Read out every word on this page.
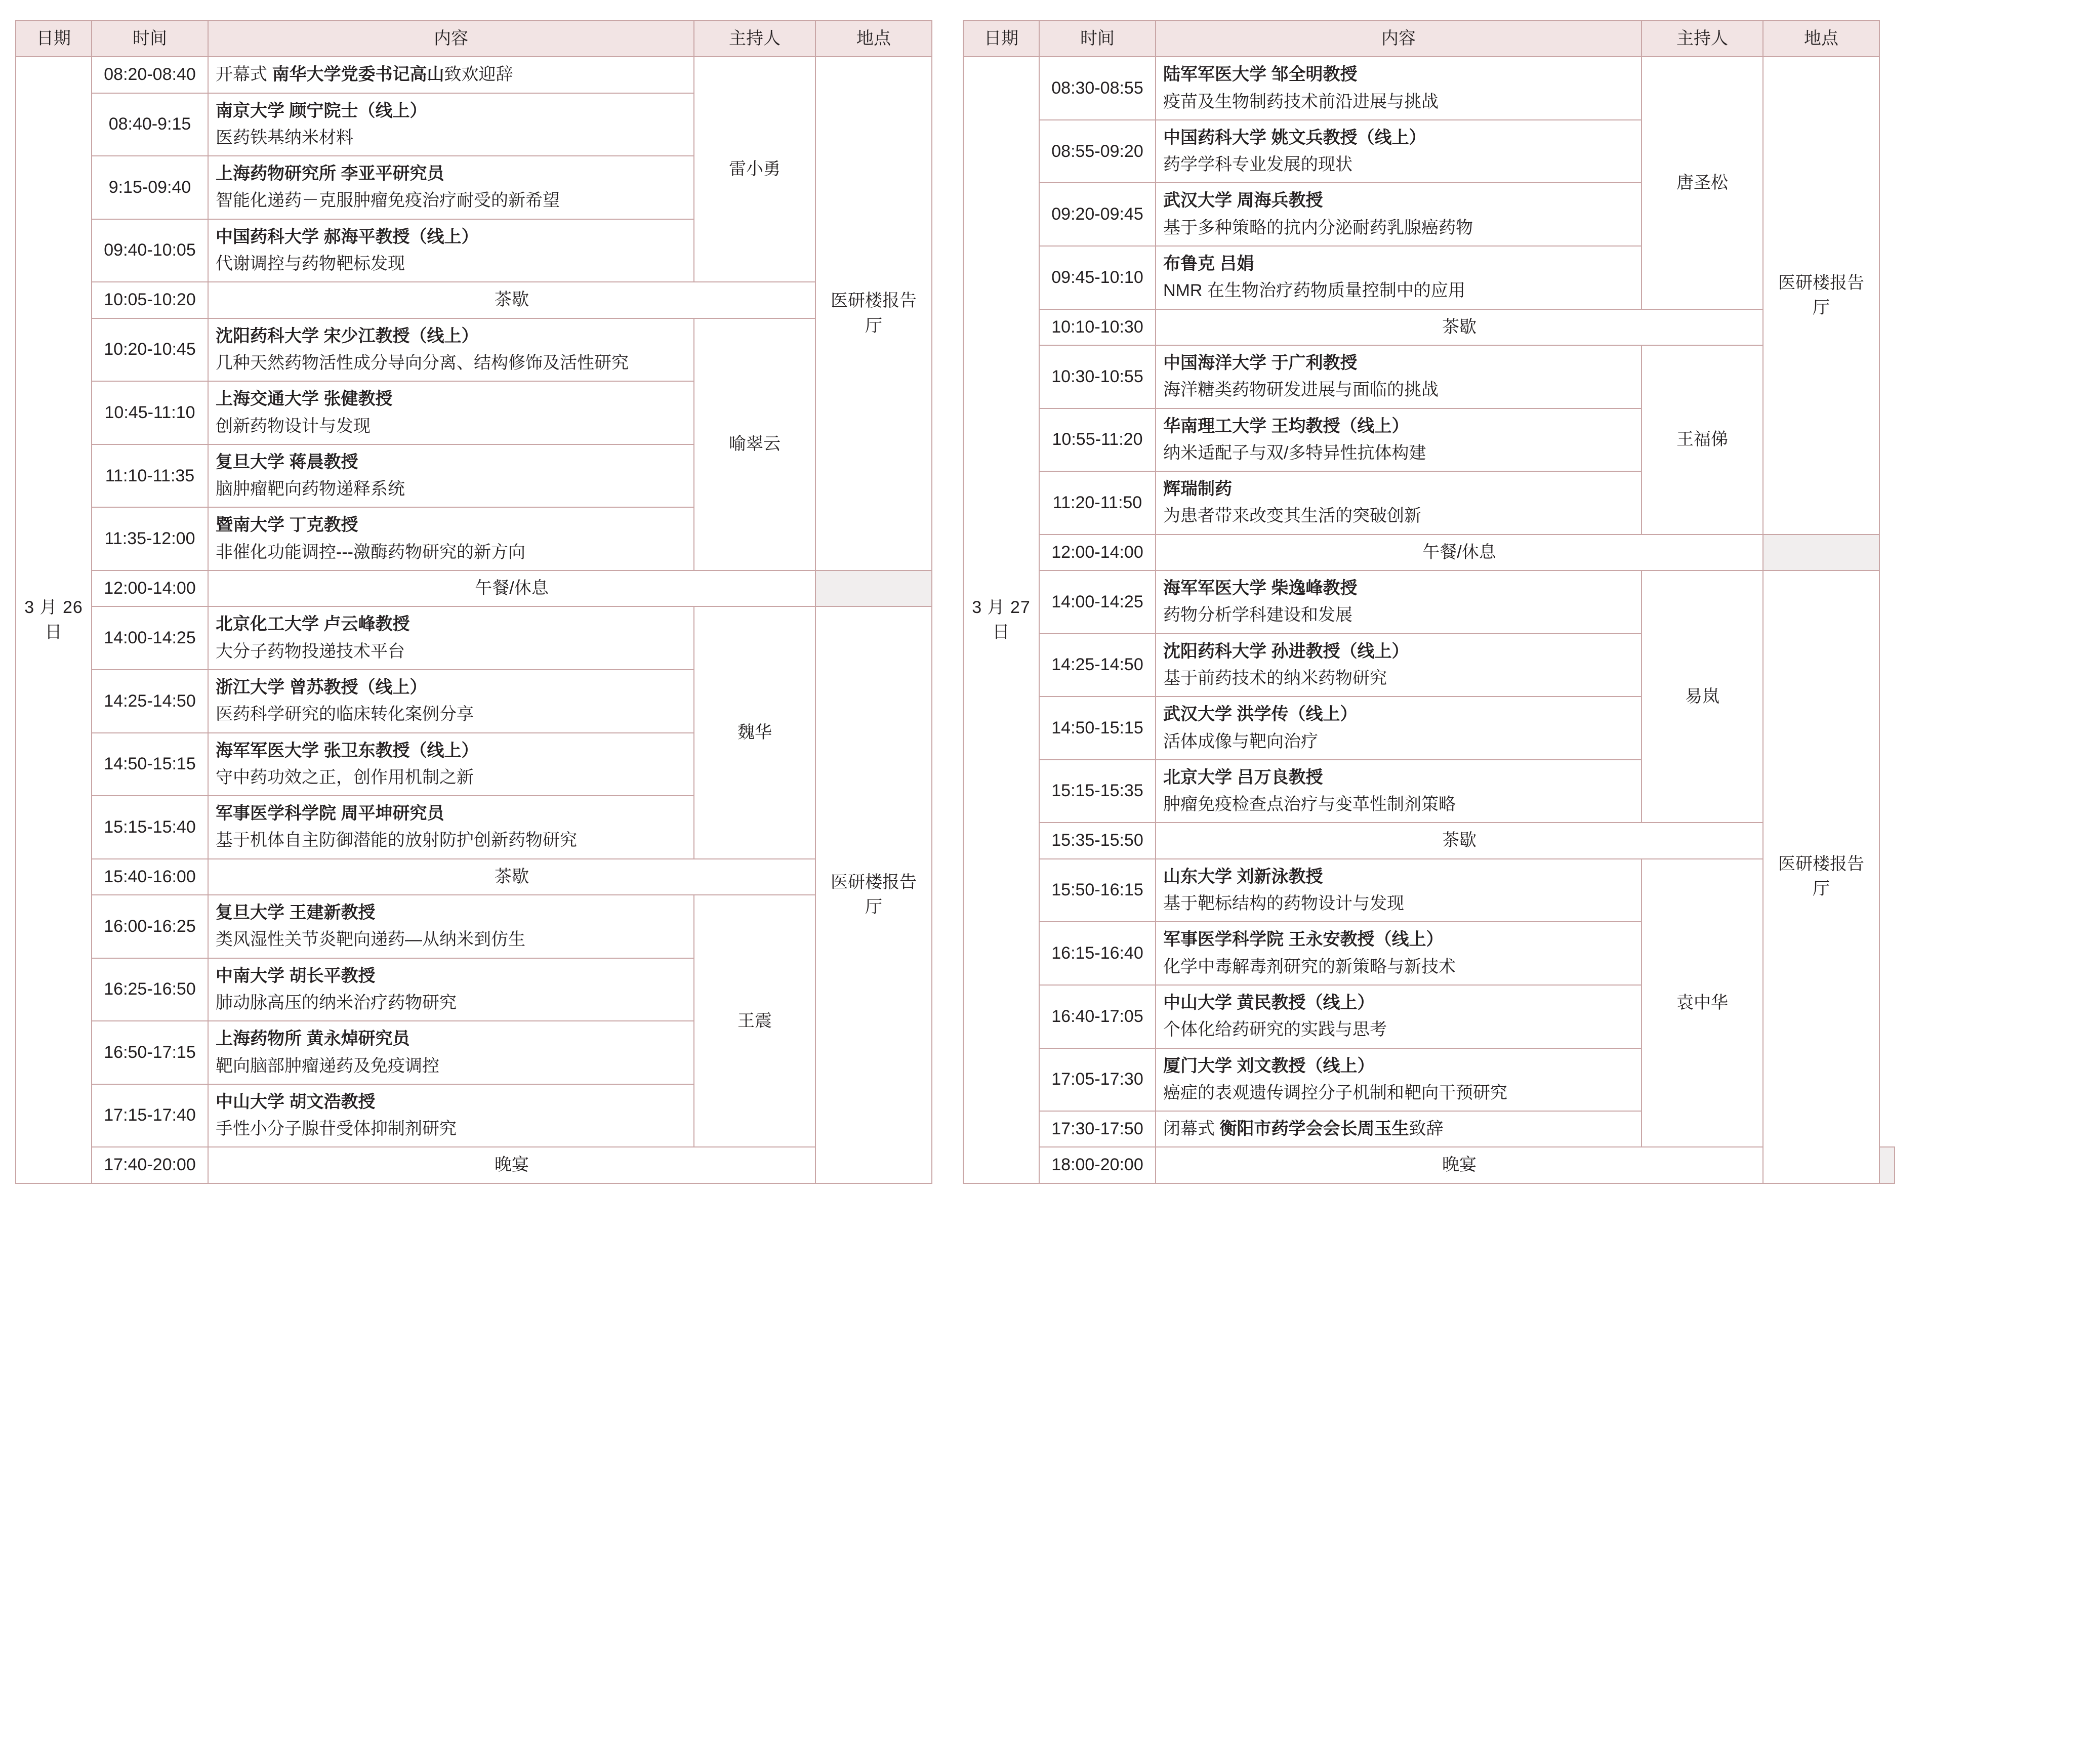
日期	时间	内容	主持人	地点
3 月 26 日	08:20-08:40	开幕式 南华大学党委书记高山致欢迎辞	雷小勇	医研楼报告厅
	08:40-9:15	南京大学 顾宁院士（线上）
医药铁基纳米材料		

	9:15-09:40	上海药物研究所 李亚平研究员
智能化递药－克服肿瘤免疫治疗耐受的新希望		

	09:40-10:05	中国药科大学 郝海平教授（线上）
代谢调控与药物靶标发现		

	10:05-10:20	茶歇		
	10:20-10:45	沈阳药科大学 宋少江教授（线上）
几种天然药物活性成分导向分离、结构修饰及活性研究	喻翠云	
	10:45-11:10	上海交通大学 张健教授
创新药物设计与发现		

	11:10-11:35	复旦大学 蒋晨教授
脑肿瘤靶向药物递释系统		

	11:35-12:00	暨南大学 丁克教授
非催化功能调控---激酶药物研究的新方向		

	12:00-14:00	午餐/休息		
	14:00-14:25	北京化工大学 卢云峰教授
大分子药物投递技术平台	魏华	医研楼报告厅
	14:25-14:50	浙江大学 曾苏教授（线上）
医药科学研究的临床转化案例分享		

	14:50-15:15	海军军医大学 张卫东教授（线上）
守中药功效之正，创作用机制之新		

	15:15-15:40	军事医学科学院 周平坤研究员
基于机体自主防御潜能的放射防护创新药物研究		

	15:40-16:00	茶歇		
	16:00-16:25	复旦大学 王建新教授
类风湿性关节炎靶向递药—从纳米到仿生	王震	
	16:25-16:50	中南大学 胡长平教授
肺动脉高压的纳米治疗药物研究		

	16:50-17:15	上海药物所 黄永焯研究员
靶向脑部肿瘤递药及免疫调控		

	17:15-17:40	中山大学 胡文浩教授
手性小分子腺苷受体抑制剂研究		

	17:40-20:00	晚宴		
日期	时间	内容	主持人	地点	
3 月 27 日	08:30-08:55	陆军军医大学 邹全明教授
疫苗及生物制药技术前沿进展与挑战	唐圣松	医研楼报告厅	
	08:55-09:20	中国药科大学 姚文兵教授（线上）
药学学科专业发展的现状			

	09:20-09:45	武汉大学 周海兵教授
基于多种策略的抗内分泌耐药乳腺癌药物			

	09:45-10:10	布鲁克 吕娟
NMR 在生物治疗药物质量控制中的应用			

	10:10-10:30	茶歇			
	10:30-10:55	中国海洋大学 于广利教授
海洋糖类药物研发进展与面临的挑战	王福俤		
	10:55-11:20	华南理工大学 王均教授（线上）
纳米适配子与双/多特异性抗体构建			

	11:20-11:50	辉瑞制药
为患者带来改变其生活的突破创新			

	12:00-14:00	午餐/休息			
	14:00-14:25	海军军医大学 柴逸峰教授
药物分析学科建设和发展	易岚	医研楼报告厅	
	14:25-14:50	沈阳药科大学 孙进教授（线上）
基于前药技术的纳米药物研究			

	14:50-15:15	武汉大学 洪学传（线上）
活体成像与靶向治疗			

	15:15-15:35	北京大学 吕万良教授
肿瘤免疫检查点治疗与变革性制剂策略			

	15:35-15:50	茶歇			
	15:50-16:15	山东大学 刘新泳教授
基于靶标结构的药物设计与发现	袁中华		
	16:15-16:40	军事医学科学院 王永安教授（线上）
化学中毒解毒剂研究的新策略与新技术			

	16:40-17:05	中山大学 黄民教授（线上）
个体化给药研究的实践与思考			

	17:05-17:30	厦门大学 刘文教授（线上）
癌症的表观遗传调控分子机制和靶向干预研究			

	17:30-17:50	闭幕式 衡阳市药学会会长周玉生致辞			
	18:00-20:00	晚宴			
